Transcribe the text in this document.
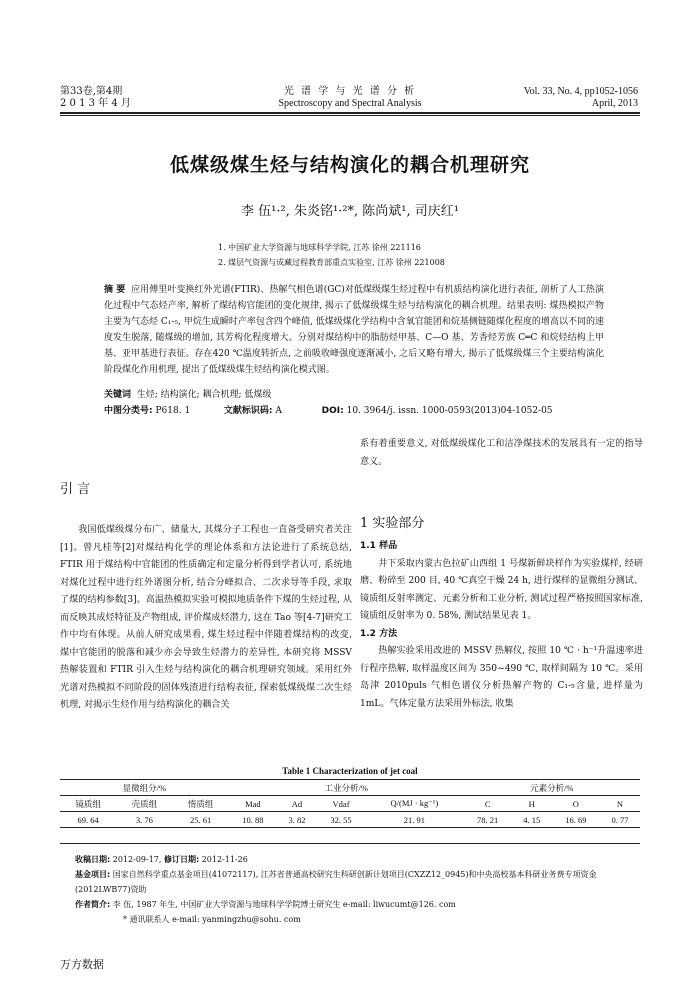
第33卷,第4期
2 0 1 3 年 4 月
光 谱 学 与 光 谱 分 析
Spectroscopy and Spectral Analysis
Vol. 33, No. 4, pp1052-1056
April, 2013
低煤级煤生烃与结构演化的耦合机理研究
李 伍¹·², 朱炎铭¹·²*, 陈尚斌¹, 司庆红¹
1. 中国矿业大学资源与地球科学学院, 江苏 徐州 221116
2. 煤层气资源与成藏过程教育部重点实验室, 江苏 徐州 221008
摘 要 应用傅里叶变换红外光谱(FTIR)、热解气相色谱(GC)对低煤级煤生烃过程中有机质结构演化进行表征, 剖析了人工热演化过程中气态烃产率, 解析了煤结构官能团的变化规律, 揭示了低煤级煤生烃与结构演化的耦合机理。结果表明: 煤热模拟产物主要为气态烃 C₁-₅, 甲烷生成瞬时产率包含四个峰值, 低煤级煤化学结构中含氧官能团和烷基侧链随煤化程度的增高以不同的速度发生脱落, 随煤级的增加, 其芳构化程度增大。分别对煤结构中的脂肪烃甲基、C—O 基、芳香烃芳族 C═C 和烷烃结构上甲基、亚甲基进行表征。存在420 ℃温度转折点, 之前吸收峰强度逐渐减小, 之后又略有增大, 揭示了低煤级煤三个主要结构演化阶段煤化作用机理, 提出了低煤级煤生烃结构演化模式图。
关键词 生烃; 结构演化; 耦合机理; 低煤级
中图分类号: P618. 1	文献标识码: A	DOI: 10. 3964/j. issn. 1000-0593(2013)04-1052-05
引 言
我国低煤级煤分布广、储量大, 其煤分子工程也一直备受研究者关注[1]。曾凡桂等[2]对煤结构化学的理论体系和方法论进行了系统总结, FTIR 用于煤结构中官能团的性质确定和定量分析得到学者认可, 系统地对煤化过程中进行红外谱图分析, 结合分峰拟合、二次求导等手段, 求取了煤的结构参数[3]。高温热模拟实验可模拟地质条件下煤的生烃过程, 从而反映其成烃特征及产物组成, 评价煤成烃潜力, 这在 Tao 等[4-7]研究工作中均有体现。从前人研究成果看, 煤生烃过程中伴随着煤结构的改变, 煤中官能团的脱落和减少亦会导致生烃潜力的差异性, 本研究将 MSSV 热解装置和 FTIR 引入生烃与结构演化的耦合机理研究领域。采用红外光谱对热模拟不同阶段的固体残渣进行结构表征, 探索低煤级煤二次生烃机理, 对揭示生烃作用与结构演化的耦合关
系有着重要意义, 对低煤级煤化工和洁净煤技术的发展具有一定的指导意义。
1 实验部分
1.1 样品
井下采取内蒙古色拉矿山西组 1 号煤新鲜块样作为实验煤样, 经研磨、粉碎至 200 目, 40 ℃真空干燥 24 h, 进行煤样的显微组分测试、镜质组反射率测定、元素分析和工业分析, 测试过程严格按照国家标准, 镜质组反射率为 0. 58%, 测试结果见表 1。
1.2 方法
热解实验采用改进的 MSSV 热解仪, 按照 10 ℃ · h⁻¹升温速率进行程序热解, 取样温度区间为 350~490 ℃, 取样间隔为 10 ℃。采用岛津 2010puls 气相色谱仪分析热解产物的 C₁-₅含量, 进样量为1mL。气体定量方法采用外标法, 收集
Table 1 Characterization of jet coal
显微组分/%			工业分析/%				元素分析/%			
镜质组	壳质组	惰质组	Mad	Ad	Vdaf	Q/(MJ · kg⁻¹)	C	H	O	N
69. 64	3. 76	25. 61	10. 88	3. 82	32. 55	21. 91	78. 21	4. 15	16. 69	0. 77
收稿日期: 2012-09-17, 修订日期: 2012-11-26
基金项目: 国家自然科学重点基金项目(41072117), 江苏省普通高校研究生科研创新计划项目(CXZZ12_0945)和中央高校基本科研业务费专项资金(2012LWB77)资助
作者简介: 李 伍, 1987 年生, 中国矿业大学资源与地球科学学院博士研究生 e-mail: liwucumt@126. com
* 通讯联系人 e-mail: yanmingzhu@sohu. com
万方数据
